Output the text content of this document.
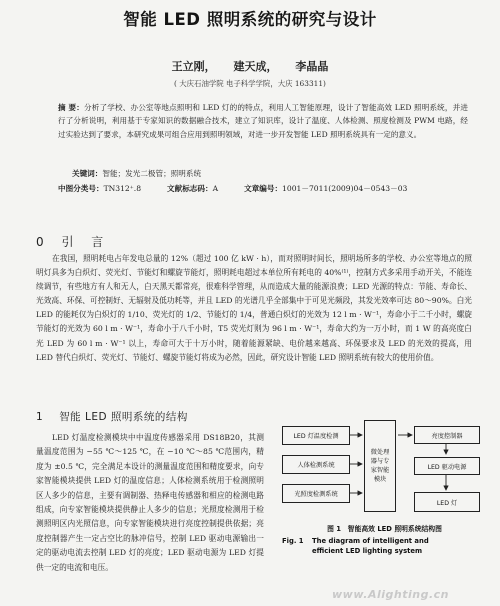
智能 LED 照明系统的研究与设计
王立刚， 建天成， 李晶晶
( 大庆石油学院 电子科学学院，大庆 163311)
摘 要：分析了学校、办公室等地点照明和 LED 灯的的特点，利用人工智能原理，设计了智能高效 LED 照明系统，并进行了分析说明，利用基于专家知识的数据融合技术，建立了知识库，设计了温度、人体检测、照度检测及 PWM 电路，经过实验达到了要求，本研究成果可组合应用到照明领域，对进一步开发智能 LED 照明系统具有一定的意义。
关键词：智能；发光二极管；照明系统
中图分类号：TN312⁺.8	文献标志码：A	文章编号：1001－7011(2009)04－0543－03
0 引 言

在我国，照明耗电占年发电总量的 12%（超过 100 亿 kW · h），而对照明时间长，照明场所多的学校、办公室等地点的照明灯具多为白炽灯、荧光灯、节能灯和螺旋节能灯，照明耗电超过本单位所有耗电的 40%⁽¹⁾，控制方式多采用手动开关，不能连续调节，有些地方有人和无人，白天黑天都常亮，很难科学管理，从而造成大量的能源浪费；LED 光源的特点：节能、寿命长、光效高、环保、可控制好、无辐射及低功耗等，并且 LED 的光谱几乎全部集中于可见光频段，其发光效率可达 80～90%。白光 LED 的能耗仅为白炽灯的 1/10、荧光灯的 1/2、节能灯的 1/4，普通白炽灯的光效为 12 l m · W⁻¹，寿命小于二千小时，螺旋节能灯的光效为 60 l m · W⁻¹，寿命小于八千小时，T5 荧光灯则为 96 l m · W⁻¹，寿命大约为一万小时，而 1 W 的高亮度白光 LED 为 60 l m · W⁻¹ 以上，寿命可大于十万小时，随着能源紧缺、电价越来越高、环保要求及 LED 的光效的提高，用 LED 替代白炽灯、荧光灯、节能灯、螺旋节能灯将成为必然，因此，研究设计智能 LED 照明系统有较大的使用价值。

1 智能 LED 照明系统的结构

LED 灯温度检测模块中中温度传感器采用 DS18B20，其测量温度范围为 −55 ℃～125 ℃，在 −10 ℃～85 ℃范围内，精度为 ±0.5 ℃，完全满足本设计的测量温度范围和精度要求，向专家智能模块提供 LED 灯的温度信息；人体检测系统用于检测照明区人多少的信息，主要有调制器、热释电传感器和相应的检测电路组成，向专家智能模块提供静止人多少的信息；光照度检测用于检测照明区内光照信息，向专家智能模块进行亮度控制提供依据；亮度控制器产生一定占空比的脉冲信号，控制 LED 驱动电源输出一定的驱动电流去控制 LED 灯的亮度；LED 驱动电源为 LED 灯提供一定的电流和电压。

LED 灯温度检测
人体检测系统
光照度检测系统
微处理器与专家智能模块
亮度控制器
LED 驱动电源
LED 灯
图 1　智能高效 LED 照明系统结构图
Fig. 1 The diagram of intelligent and
efficient LED lighting system
www.Alighting.cn
